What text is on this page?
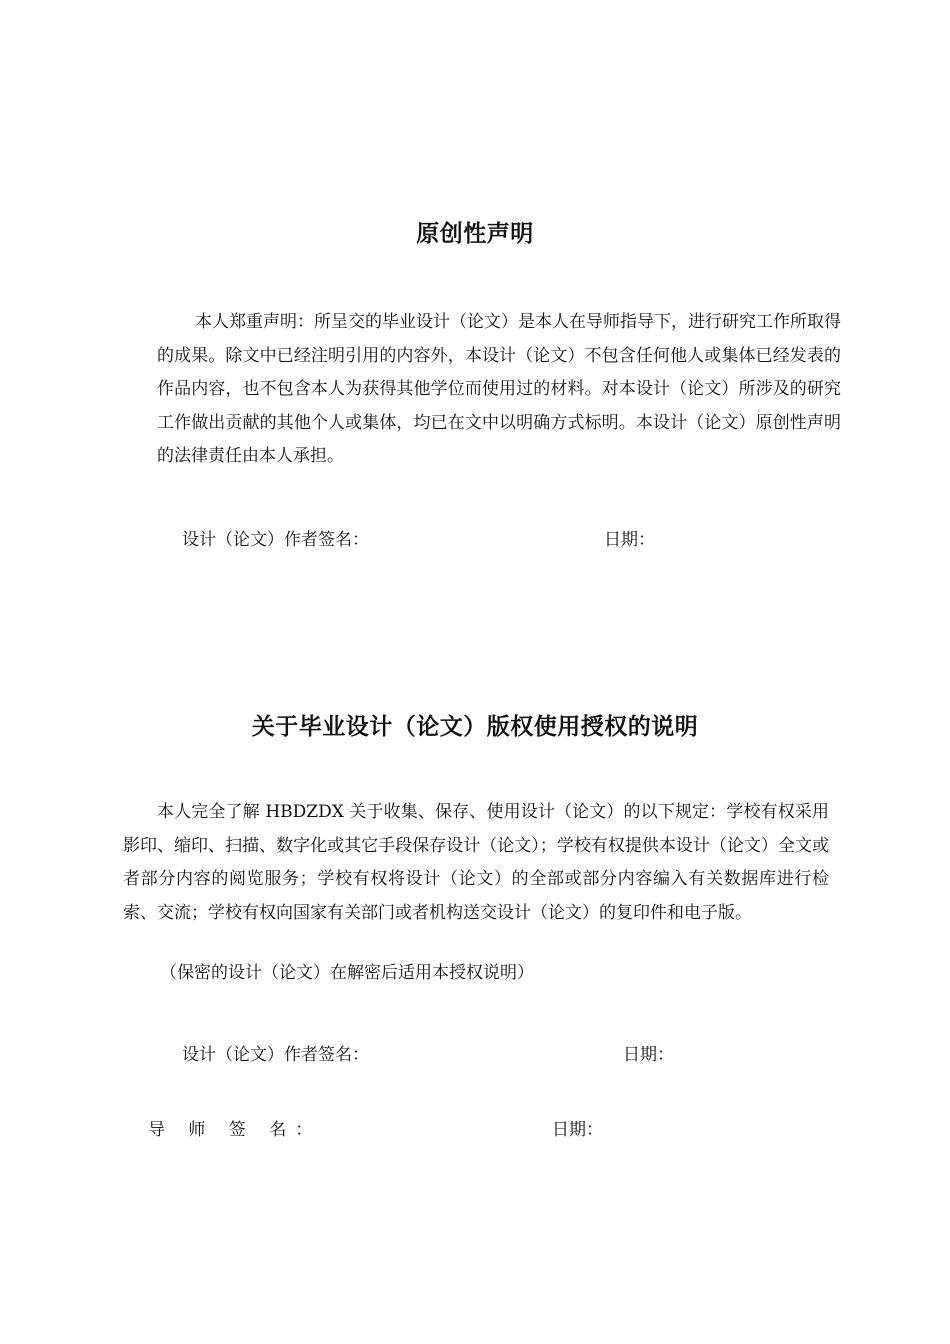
原创性声明

本人郑重声明：所呈交的毕业设计（论文）是本人在导师指导下，进行研究工作所取得的成果。除文中已经注明引用的内容外，本设计（论文）不包含任何他人或集体已经发表的作品内容，也不包含本人为获得其他学位而使用过的材料。对本设计（论文）所涉及的研究工作做出贡献的其他个人或集体，均已在文中以明确方式标明。本设计（论文）原创性声明的法律责任由本人承担。

设计（论文）作者签名：	日期：

关于毕业设计（论文）版权使用授权的说明

本人完全了解 HBDZDX 关于收集、保存、使用设计（论文）的以下规定：学校有权采用影印、缩印、扫描、数字化或其它手段保存设计（论文）；学校有权提供本设计（论文）全文或者部分内容的阅览服务；学校有权将设计（论文）的全部或部分内容编入有关数据库进行检索、交流；学校有权向国家有关部门或者机构送交设计（论文）的复印件和电子版。

（保密的设计（论文）在解密后适用本授权说明）

设计（论文）作者签名：	日期：

导 师 签 名：	日期：
